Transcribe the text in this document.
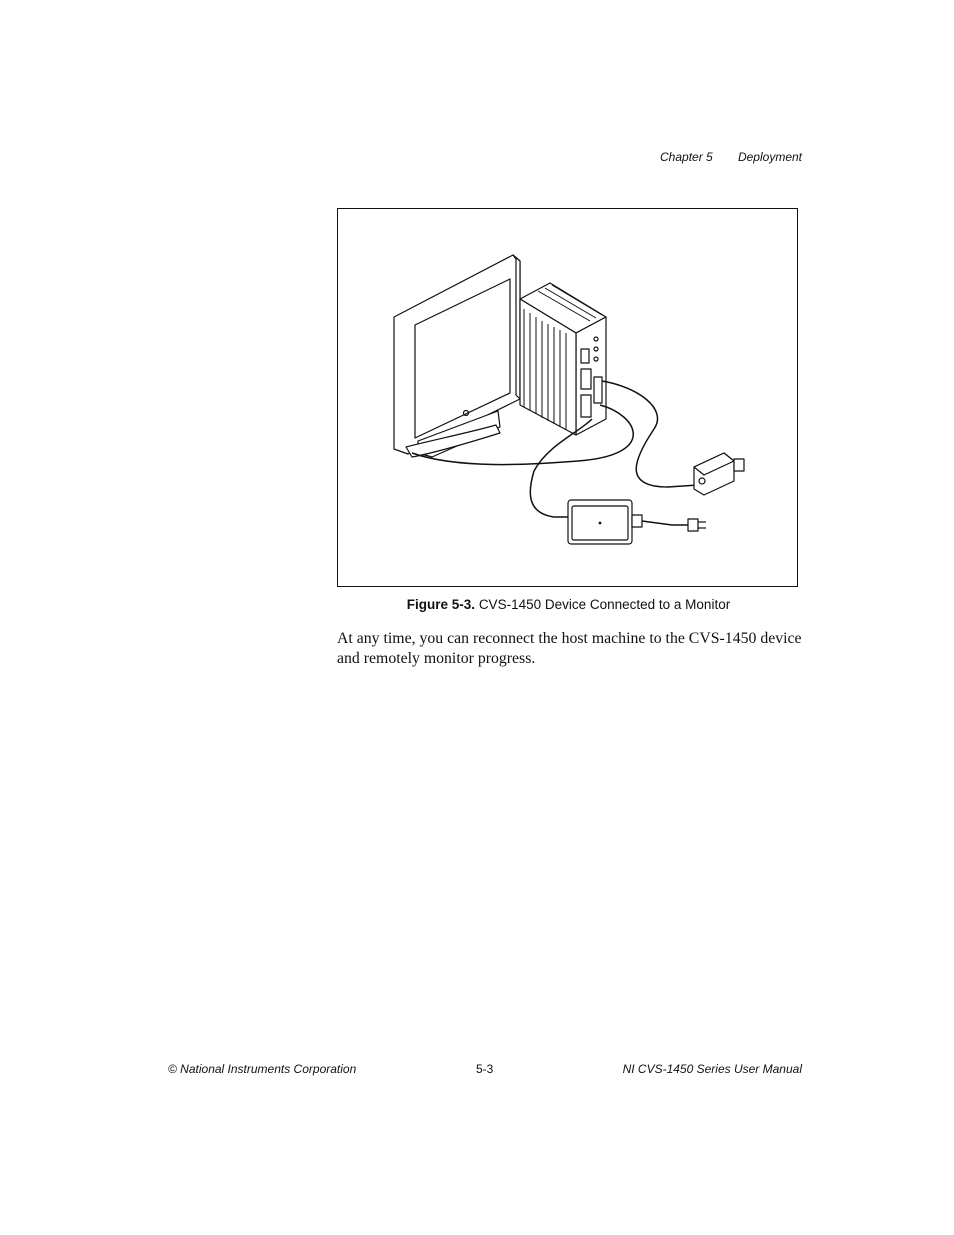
Chapter 5 Deployment
Figure 5-3. CVS-1450 Device Connected to a Monitor
At any time, you can reconnect the host machine to the CVS-1450 device and remotely monitor progress.
© National Instruments Corporation	5-3	NI CVS-1450 Series User Manual
